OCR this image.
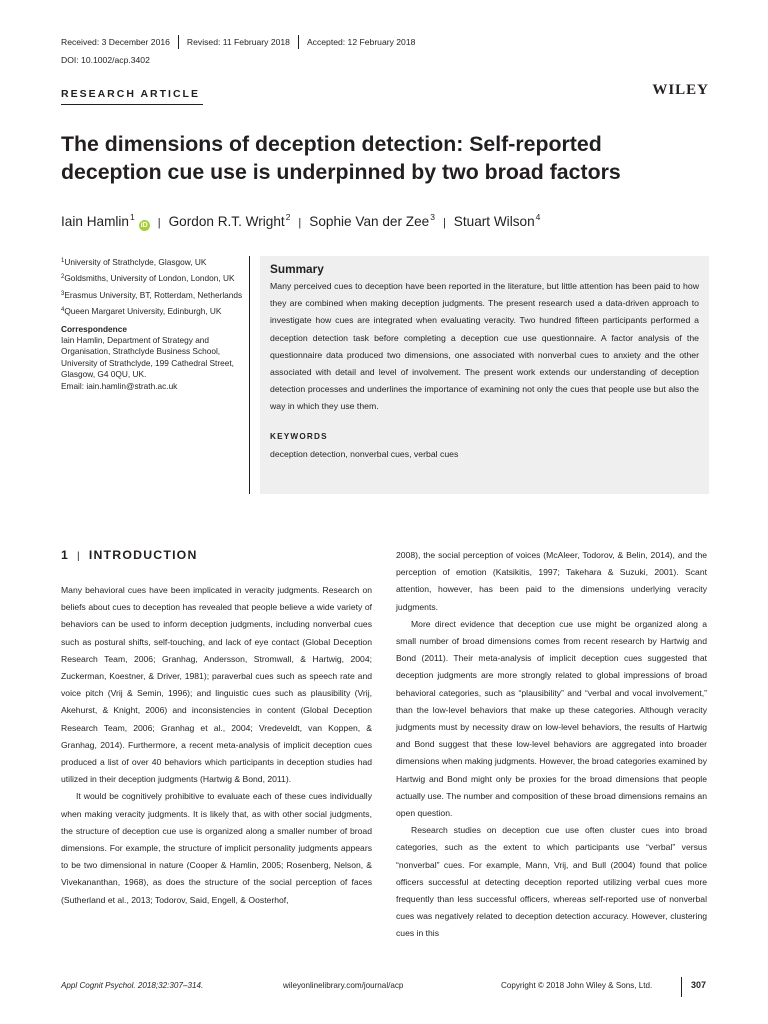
Received: 3 December 2016	Revised: 11 February 2018	Accepted: 12 February 2018
DOI: 10.1002/acp.3402
RESEARCH ARTICLE	WILEY
The dimensions of deception detection: Self-reported deception cue use is underpinned by two broad factors
Iain Hamlin$^1$
iD | Gordon R.T. Wright$^2$ | Sophie Van der Zee$^3$ | Stuart Wilson$^4$

$^1$University of Strathclyde, Glasgow, UK

$^2$Goldsmiths, University of London, London, UK

$^3$Erasmus University, BT, Rotterdam, Netherlands

$^4$Queen Margaret University, Edinburgh, UK

Correspondence
Iain Hamlin, Department of Strategy and Organisation, Strathclyde Business School, University of Strathclyde, 199 Cathedral Street, Glasgow, G4 0QU, UK.
Email: iain.hamlin@strath.ac.uk
Summary

Many perceived cues to deception have been reported in the literature, but little attention has been paid to how they are combined when making deception judgments. The present research used a data-driven approach to investigate how cues are integrated when evaluating veracity. Two hundred fifteen participants performed a deception detection task before completing a deception cue use questionnaire. A factor analysis of the questionnaire data produced two dimensions, one associated with nonverbal cues to anxiety and the other associated with detail and level of involvement. The present work extends our understanding of deception detection processes and underlines the importance of examining not only the cues that people use but also the way in which they use them.

KEYWORDS
deception detection, nonverbal cues, verbal cues
1 | INTRODUCTION

Many behavioral cues have been implicated in veracity judgments. Research on beliefs about cues to deception has revealed that people believe a wide variety of behaviors can be used to inform deception judgments, including nonverbal cues such as postural shifts, self-touching, and lack of eye contact (Global Deception Research Team, 2006; Granhag, Andersson, Stromwall, & Hartwig, 2004; Zuckerman, Koestner, & Driver, 1981); paraverbal cues such as speech rate and voice pitch (Vrij & Semin, 1996); and linguistic cues such as plausibility (Vrij, Akehurst, & Knight, 2006) and inconsistencies in content (Global Deception Research Team, 2006; Granhag et al., 2004; Vredeveldt, van Koppen, & Granhag, 2014). Furthermore, a recent meta-analysis of implicit deception cues produced a list of over 40 behaviors which participants in deception studies had utilized in their deception judgments (Hartwig & Bond, 2011).

It would be cognitively prohibitive to evaluate each of these cues individually when making veracity judgments. It is likely that, as with other social judgments, the structure of deception cue use is organized along a smaller number of broad dimensions. For example, the structure of implicit personality judgments appears to be two dimensional in nature (Cooper & Hamlin, 2005; Rosenberg, Nelson, & Vivekananthan, 1968), as does the structure of the social perception of faces (Sutherland et al., 2013; Todorov, Said, Engell, & Oosterhof,

2008), the social perception of voices (McAleer, Todorov, & Belin, 2014), and the perception of emotion (Katsikitis, 1997; Takehara & Suzuki, 2001). Scant attention, however, has been paid to the dimensions underlying veracity judgments.

More direct evidence that deception cue use might be organized along a small number of broad dimensions comes from recent research by Hartwig and Bond (2011). Their meta-analysis of implicit deception cues suggested that deception judgments are more strongly related to global impressions of broad behavioral categories, such as “plausibility” and “verbal and vocal involvement,” than the low-level behaviors that make up these categories. Although veracity judgments must by necessity draw on low-level behaviors, the results of Hartwig and Bond suggest that these low-level behaviors are aggregated into broader dimensions when making judgments. However, the broad categories examined by Hartwig and Bond might only be proxies for the broad dimensions that people actually use. The number and composition of these broad dimensions remains an open question.

Research studies on deception cue use often cluster cues into broad categories, such as the extent to which participants use “verbal” versus “nonverbal” cues. For example, Mann, Vrij, and Bull (2004) found that police officers successful at detecting deception reported utilizing verbal cues more frequently than less successful officers, whereas self-reported use of nonverbal cues was negatively related to deception detection accuracy. However, clustering cues in this

Appl Cognit Psychol. 2018;32:307–314.	wileyonlinelibrary.com/journal/acp	Copyright © 2018 John Wiley & Sons, Ltd.	307
